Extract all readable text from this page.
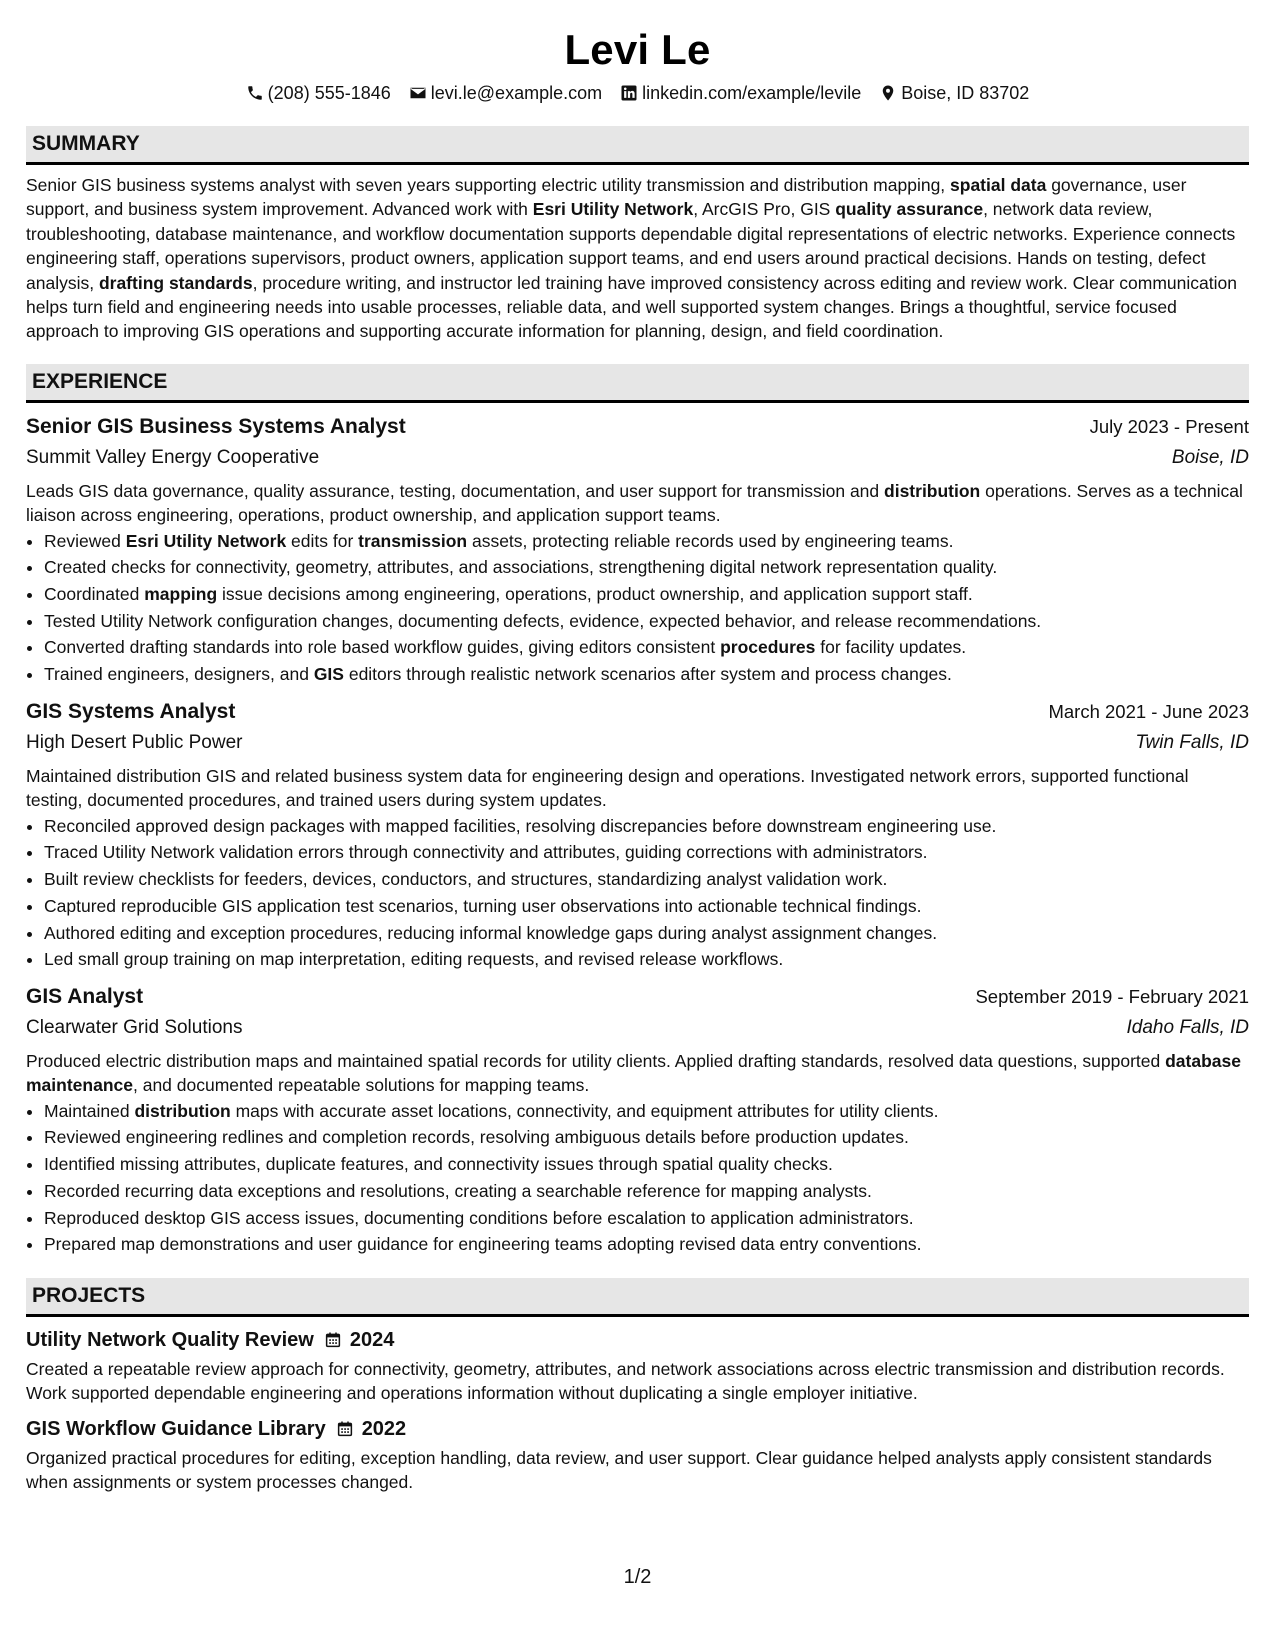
Levi Le
(208) 555-1846 levi.le@example.com linkedin.com/example/levile Boise, ID 83702
SUMMARY

Senior GIS business systems analyst with seven years supporting electric utility transmission and distribution mapping, spatial data governance, user support, and business system improvement. Advanced work with Esri Utility Network, ArcGIS Pro, GIS quality assurance, network data review, troubleshooting, database maintenance, and workflow documentation supports dependable digital representations of electric networks. Experience connects engineering staff, operations supervisors, product owners, application support teams, and end users around practical decisions. Hands on testing, defect analysis, drafting standards, procedure writing, and instructor led training have improved consistency across editing and review work. Clear communication helps turn field and engineering needs into usable processes, reliable data, and well supported system changes. Brings a thoughtful, service focused approach to improving GIS operations and supporting accurate information for planning, design, and field coordination.

EXPERIENCE
Senior GIS Business Systems Analyst	July 2023 - Present
Summit Valley Energy Cooperative	Boise, ID

Leads GIS data governance, quality assurance, testing, documentation, and user support for transmission and distribution operations. Serves as a technical liaison across engineering, operations, product ownership, and application support teams.

• Reviewed Esri Utility Network edits for transmission assets, protecting reliable records used by engineering teams.
• Created checks for connectivity, geometry, attributes, and associations, strengthening digital network representation quality.
• Coordinated mapping issue decisions among engineering, operations, product ownership, and application support staff.
• Tested Utility Network configuration changes, documenting defects, evidence, expected behavior, and release recommendations.
• Converted drafting standards into role based workflow guides, giving editors consistent procedures for facility updates.
• Trained engineers, designers, and GIS editors through realistic network scenarios after system and process changes.
GIS Systems Analyst	March 2021 - June 2023
High Desert Public Power	Twin Falls, ID

Maintained distribution GIS and related business system data for engineering design and operations. Investigated network errors, supported functional testing, documented procedures, and trained users during system updates.

• Reconciled approved design packages with mapped facilities, resolving discrepancies before downstream engineering use.
• Traced Utility Network validation errors through connectivity and attributes, guiding corrections with administrators.
• Built review checklists for feeders, devices, conductors, and structures, standardizing analyst validation work.
• Captured reproducible GIS application test scenarios, turning user observations into actionable technical findings.
• Authored editing and exception procedures, reducing informal knowledge gaps during analyst assignment changes.
• Led small group training on map interpretation, editing requests, and revised release workflows.
GIS Analyst	September 2019 - February 2021
Clearwater Grid Solutions	Idaho Falls, ID

Produced electric distribution maps and maintained spatial records for utility clients. Applied drafting standards, resolved data questions, supported database maintenance, and documented repeatable solutions for mapping teams.

• Maintained distribution maps with accurate asset locations, connectivity, and equipment attributes for utility clients.
• Reviewed engineering redlines and completion records, resolving ambiguous details before production updates.
• Identified missing attributes, duplicate features, and connectivity issues through spatial quality checks.
• Recorded recurring data exceptions and resolutions, creating a searchable reference for mapping analysts.
• Reproduced desktop GIS access issues, documenting conditions before escalation to application administrators.
• Prepared map demonstrations and user guidance for engineering teams adopting revised data entry conventions.
PROJECTS
Utility Network Quality Review 2024

Created a repeatable review approach for connectivity, geometry, attributes, and network associations across electric transmission and distribution records. Work supported dependable engineering and operations information without duplicating a single employer initiative.

GIS Workflow Guidance Library 2022

Organized practical procedures for editing, exception handling, data review, and user support. Clear guidance helped analysts apply consistent standards when assignments or system processes changed.

1/2
